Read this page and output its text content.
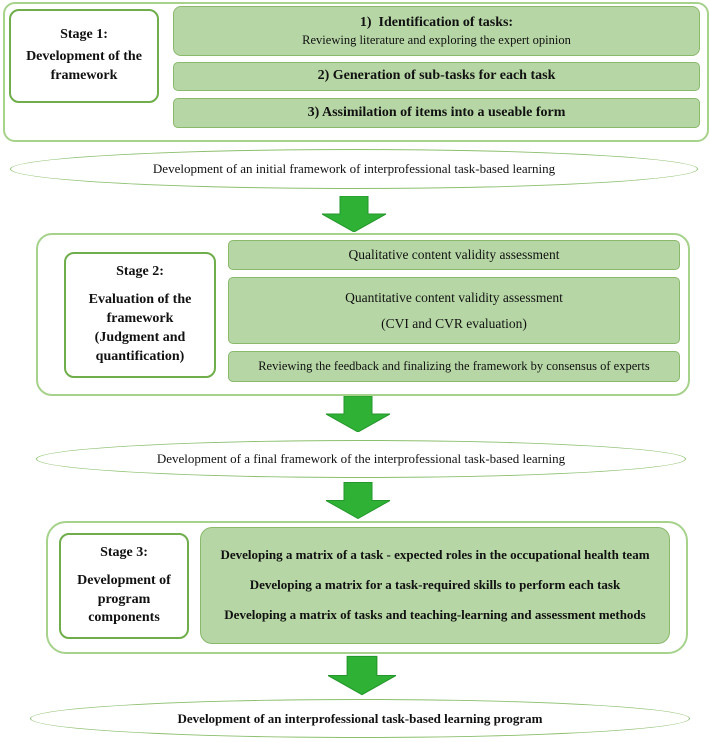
Stage 1:
Development of the framework
1)  Identification of tasks:
Reviewing literature and exploring the expert opinion
2) Generation of sub-tasks for each task
3) Assimilation of items into a useable form
Development of an initial framework of interprofessional task-based learning
Stage 2:
Evaluation of the framework
(Judgment and quantification)
Qualitative content validity assessment
Quantitative content validity assessment
(CVI and CVR evaluation)
Reviewing the feedback and finalizing the framework by consensus of experts
Development of a final framework of the interprofessional task-based learning
Stage 3:
Development of program components
Developing a matrix of a task - expected roles in the occupational health team
Developing a matrix for a task-required skills to perform each task
Developing a matrix of tasks and teaching-learning and assessment methods
Development of an interprofessional task-based learning program
